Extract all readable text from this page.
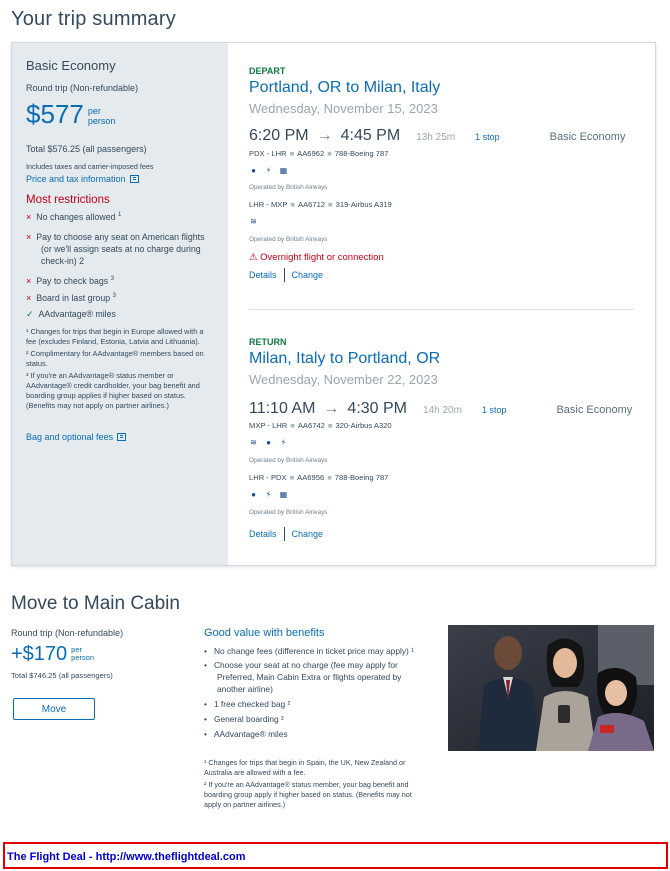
Your trip summary
Basic Economy
Round trip (Non-refundable)
$577 per
person
Total $576.25 (all passengers)
Includes taxes and carrier-imposed fees
Price and tax information
Most restrictions
× No changes allowed $^1$
× Pay to choose any seat on American flights
(or we'll assign seats at no charge during
check-in) 2
× Pay to check bags $^3$
× Board in last group $^3$
✓ AAdvantage® miles
¹ Changes for trips that begin in Europe allowed with a
fee (excludes Finland, Estonia, Latvia and Lithuania).
² Complimentary for AAdvantage® members based on
status.
³ If you're an AAdvantage® status member or
AAdvantage® credit cardholder, your bag benefit and
boarding group applies if higher based on status.
(Benefits may not apply on partner airlines.)
Bag and optional fees
DEPART
Portland, OR to Milan, Italy
Wednesday, November 15, 2023
6:20 PM → 4:45 PM 13h 25m 1 stop	Basic Economy
PDX - LHR ■ AA6962 ■ 788-Boeing 787
● ⚡ ▦
Operated by British Airways
LHR - MXP ■ AA6712 ■ 319-Airbus A319
≋
Operated by British Airways
⚠ Overnight flight or connection
Details Change
RETURN
Milan, Italy to Portland, OR
Wednesday, November 22, 2023
11:10 AM → 4:30 PM 14h 20m 1 stop	Basic Economy
MXP - LHR ■ AA6742 ■ 320-Airbus A320
≋ ● ⚡
Operated by British Airways
LHR - PDX ■ AA6956 ■ 788-Boeing 787
● ⚡ ▦
Operated by British Airways
Details Change
Move to Main Cabin
Round trip (Non-refundable)
+$170 per
person
Total $746.25 (all passengers)
Move
Good value with benefits
• No change fees (difference in ticket price may apply) ¹
• Choose your seat at no charge (fee may apply for
Preferred, Main Cabin Extra or flights operated by
another airline)
• 1 free checked bag ²
• General boarding ²
• AAdvantage® miles
¹ Changes for trips that begin in Spain, the UK, New Zealand or
Australia are allowed with a fee.
² If you're an AAdvantage® status member, your bag benefit and
boarding group apply if higher based on status. (Benefits may not
apply on partner airlines.)
The Flight Deal - http://www.theflightdeal.com
